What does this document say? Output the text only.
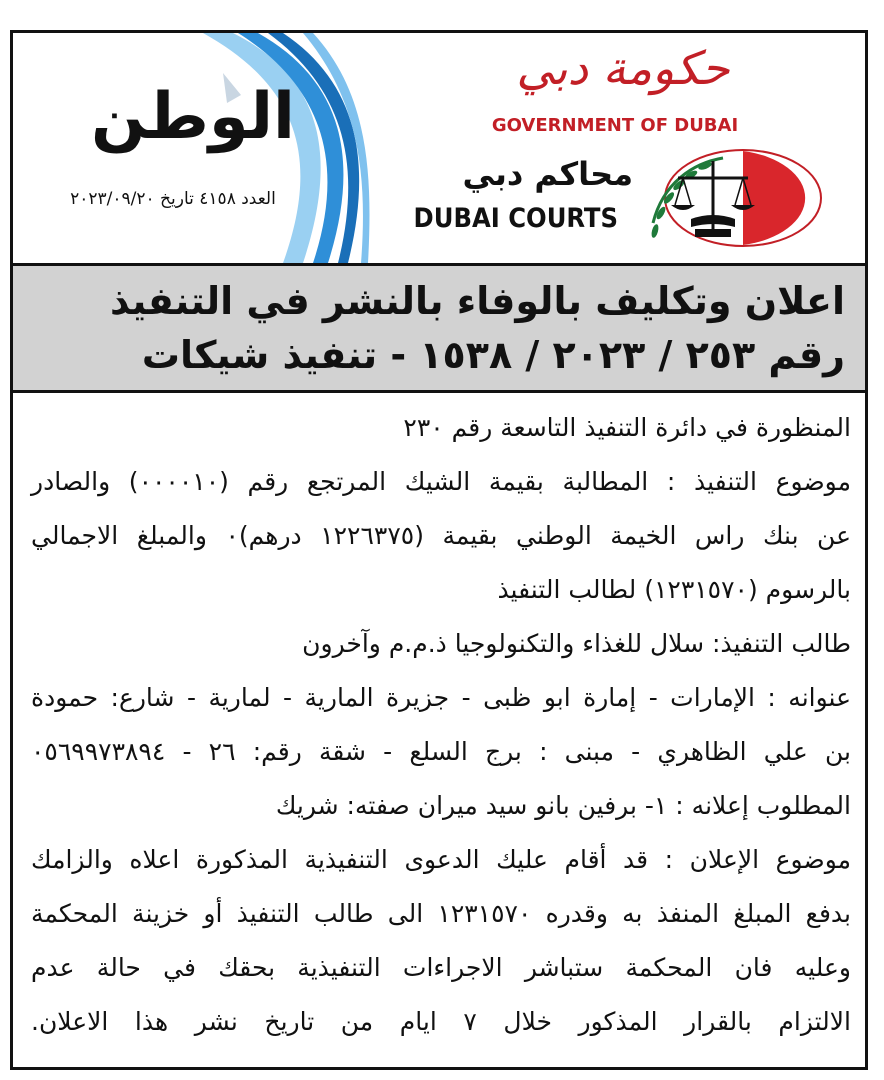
الوطن
العدد ٤١٥٨ تاريخ ٢٠٢٣/٠٩/٢٠
حكومة دبي
GOVERNMENT OF DUBAI
محاكم دبي
DUBAI COURTS
اعلان وتكليف بالوفاء بالنشر في التنفيذ
رقم ٢٥٣ / ٢٠٢٣ / ١٥٣٨ - تنفيذ شيكات
المنظورة في دائرة التنفيذ التاسعة رقم ٢٣٠
موضوع التنفيذ : المطالبة بقيمة الشيك المرتجع رقم (٠٠٠٠١٠) والصادر
عن بنك راس الخيمة الوطني بقيمة (١٢٢٦٣٧٥ درهم)٠ والمبلغ الاجمالي
بالرسوم (١٢٣١٥٧٠) لطالب التنفيذ
طالب التنفيذ: سلال للغذاء والتكنولوجيا ذ.م.م وآخرون
عنوانه : الإمارات - إمارة ابو ظبى - جزيرة المارية - لمارية - شارع: حمودة
بن علي الظاهري - مبنى : برج السلع - شقة رقم: ٢٦ - ٠٥٦٩٩٧٣٨٩٤
المطلوب إعلانه : ١- برفين بانو سيد ميران صفته: شريك
موضوع الإعلان : قد أقام عليك الدعوى التنفيذية المذكورة اعلاه والزامك
بدفع المبلغ المنفذ به وقدره ١٢٣١٥٧٠ الى طالب التنفيذ أو خزينة المحكمة
وعليه فان المحكمة ستباشر الاجراءات التنفيذية بحقك في حالة عدم
الالتزام بالقرار المذكور خلال ٧ ايام من تاريخ نشر هذا الاعلان.
